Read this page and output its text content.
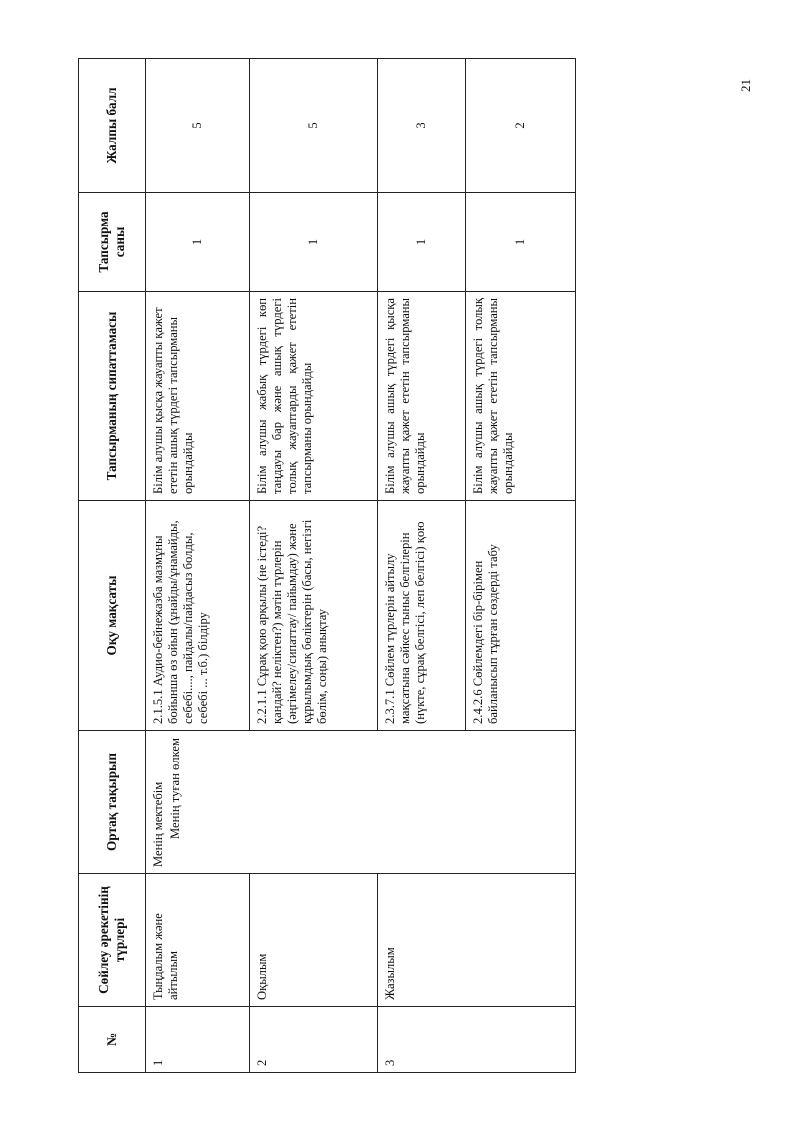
21
№	Сөйлеу әрекетінің түрлері	Ортақ тақырып	Оқу мақсаты	Тапсырманың сипаттамасы	Тапсырма саны	Жалпы балл
1	Тыңдалым және айтылым	Менің мектебім Менің туған өлкем	2.1.5.1 Аудио-бейнежазба мазмұны бойынша өз ойын (ұнайды/ұнамайды, себебі...., пайдалы/пайдасыз болды, себебі ... т.б.) білдіру	Білім алушы қысқа жауапты қажет ететін ашық түрдегі тапсырманы орындайды	1	5
2	Оқылым		2.2.1.1 Сұрақ қою арқылы (не істеді? қандай? неліктен?) мәтін түрлерін (әңгімелеу/сипаттау/ пайымдау) және құрылымдық бөліктерін (басы, негізгі бөлім, соңы) анықтау	Білім алушы жабық түрдегі көп таңдауы бар және ашық түрдегі толық жауаптарды қажет ететін тапсырманы орындайды	1	5
3	Жазылым		2.3.7.1 Сөйлем түрлерін айтылу мақсатына сәйкес тыныс белгілерін (нүкте, сұрақ белгісі, леп белгісі) қою	Білім алушы ашық түрдегі қысқа жауапты қажет ететін тапсырманы орындайды	1	3
			2.4.2.6 Сөйлемдегі бір-бірімен байланысып тұрған сөздерді табу	Білім алушы ашық түрдегі толық жауапты қажет ететін тапсырманы орындайды	1	2
